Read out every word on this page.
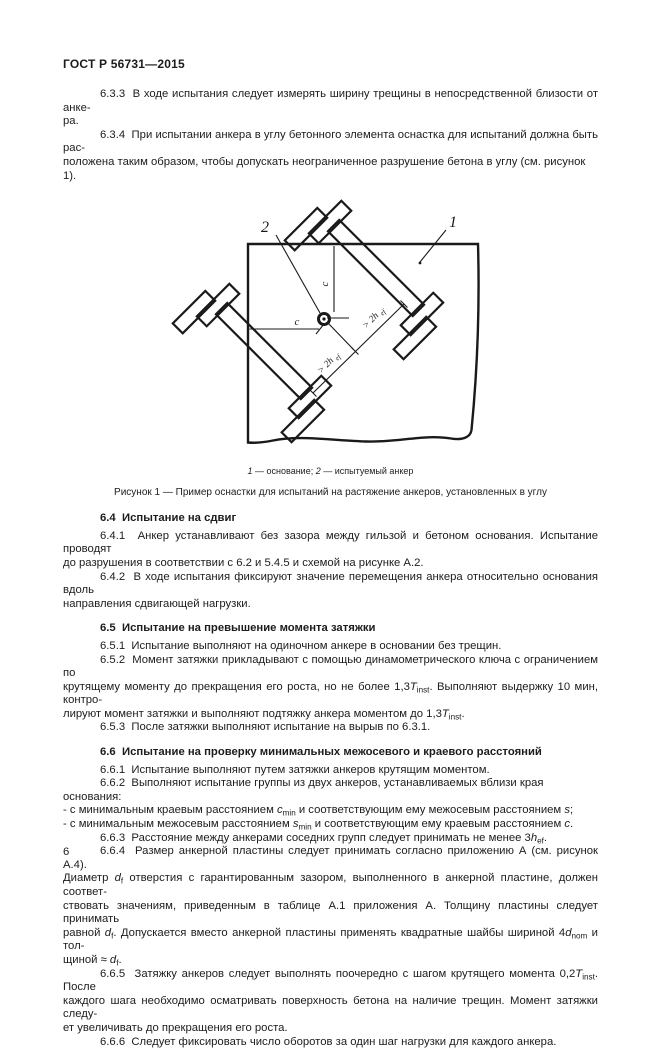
ГОСТ Р 56731—2015
6.3.3  В ходе испытания следует измерять ширину трещины в непосредственной близости от анке-
ра.
6.3.4  При испытании анкера в углу бетонного элемента оснастка для испытаний должна быть рас-
положена таким образом, чтобы допускать неограниченное разрушение бетона в углу (см. рисунок 1).
c
c
> 2h
ef
> 2h
ef
2	1
1 — основание; 2 — испытуемый анкер
Рисунок 1 — Пример оснастки для испытаний на растяжение анкеров, установленных в углу
6.4  Испытание на сдвиг
6.4.1  Анкер устанавливают без зазора между гильзой и бетоном основания. Испытание проводят
до разрушения в соответствии с 6.2 и 5.4.5 и схемой на рисунке А.2.
6.4.2  В ходе испытания фиксируют значение перемещения анкера относительно основания вдоль
направления сдвигающей нагрузки.
6.5  Испытание на превышение момента затяжки
6.5.1  Испытание выполняют на одиночном анкере в основании без трещин.
6.5.2  Момент затяжки прикладывают с помощью динамометрического ключа с ограничением по
крутящему моменту до прекращения его роста, но не более $1,3T_{inst}$. Выполняют выдержку 10 мин, контро-
лируют момент затяжки и выполняют подтяжку анкера моментом до $1,3T_{inst}$.
6.5.3  После затяжки выполняют испытание на вырыв по 6.3.1.
6.6  Испытание на проверку минимальных межосевого и краевого расстояний
6.6.1  Испытание выполняют путем затяжки анкеров крутящим моментом.
6.6.2  Выполняют испытание группы из двух анкеров, устанавливаемых вблизи края основания:
- с минимальным краевым расстоянием $c_{min}$ и соответствующим ему межосевым расстоянием s;
- с минимальным межосевым расстоянием $s_{min}$ и соответствующим ему краевым расстоянием c.
6.6.3  Расстояние между анкерами соседних групп следует принимать не менее $3h_{ef}$.
6.6.4  Размер анкерной пластины следует принимать согласно приложению А (см. рисунок А.4).
Диаметр $d_f$ отверстия с гарантированным зазором, выполненного в анкерной пластине, должен соответ-
ствовать значениям, приведенным в таблице А.1 приложения А. Толщину пластины следует принимать
равной $d_f$. Допускается вместо анкерной пластины применять квадратные шайбы шириной $4d_{nom}$ и тол-
щиной ≈ $d_f$.
6.6.5  Затяжку анкеров следует выполнять поочередно с шагом крутящего момента $0,2T_{inst}$. После
каждого шага необходимо осматривать поверхность бетона на наличие трещин. Момент затяжки следу-
ет увеличивать до прекращения его роста.
6.6.6  Следует фиксировать число оборотов за один шаг нагрузки для каждого анкера.
6
